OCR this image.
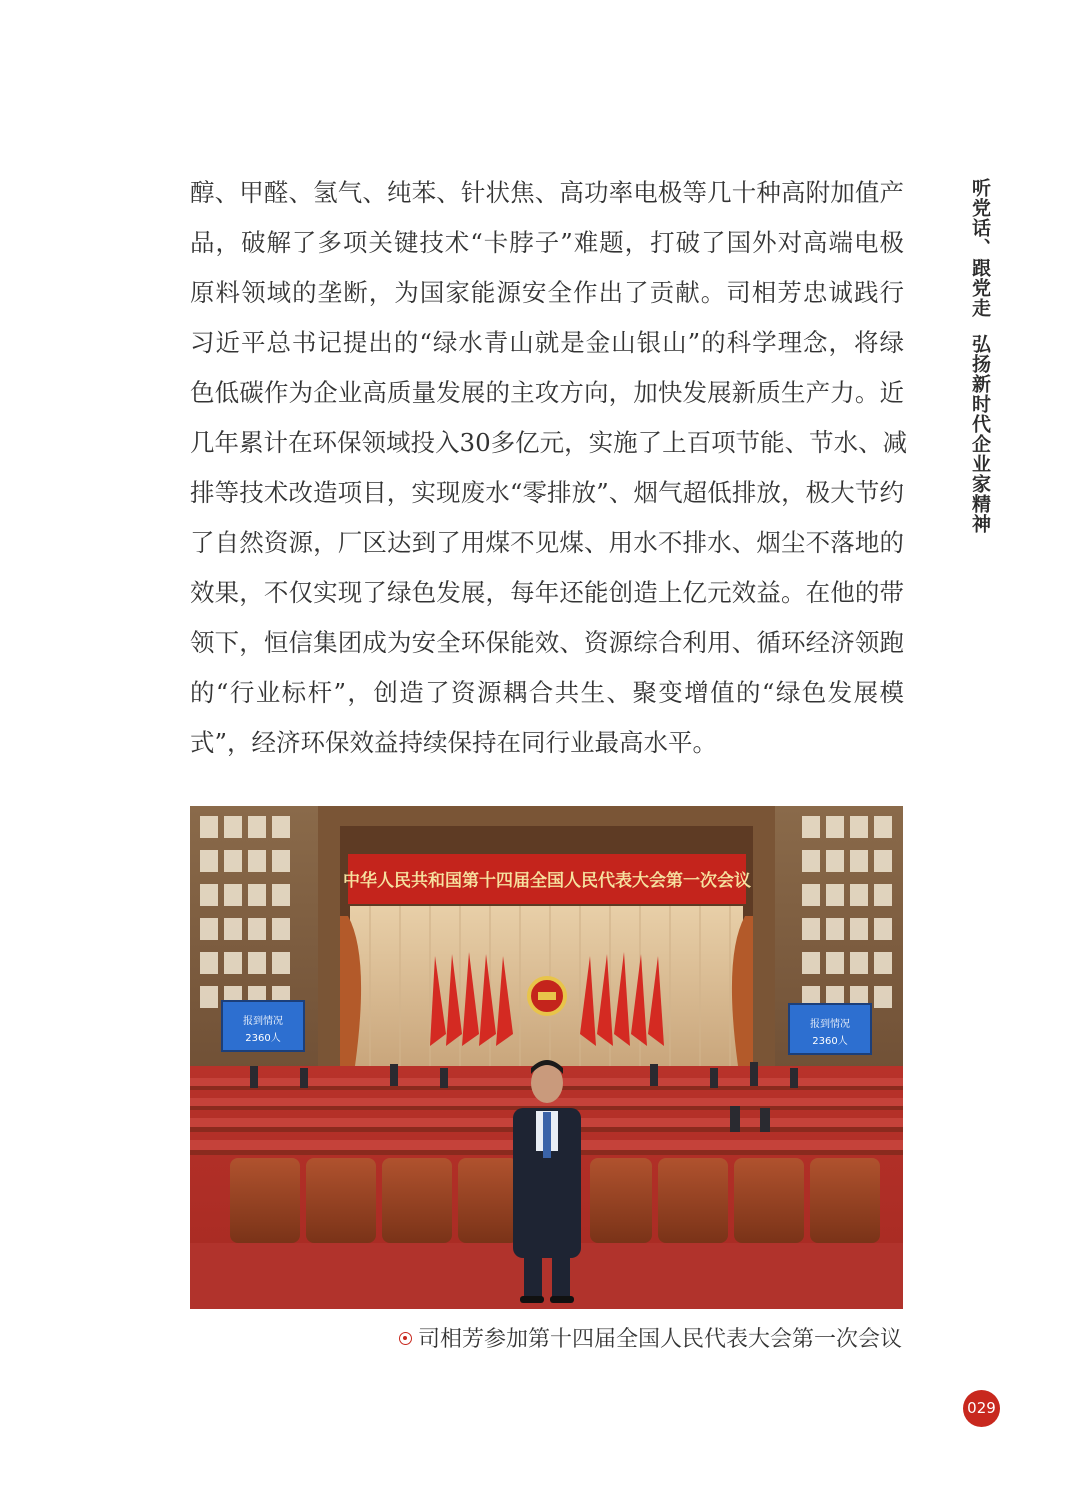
醇、甲醛、氢气、纯苯、针状焦、高功率电极等几十种高附加值产
品，破解了多项关键技术“卡脖子”难题，打破了国外对高端电极
原料领域的垄断，为国家能源安全作出了贡献。司相芳忠诚践行
习近平总书记提出的“绿水青山就是金山银山”的科学理念，将绿
色低碳作为企业高质量发展的主攻方向，加快发展新质生产力。近
几年累计在环保领域投入30多亿元，实施了上百项节能、节水、减
排等技术改造项目，实现废水“零排放”、烟气超低排放，极大节约
了自然资源，厂区达到了用煤不见煤、用水不排水、烟尘不落地的
效果，不仅实现了绿色发展，每年还能创造上亿元效益。在他的带
领下，恒信集团成为安全环保能效、资源综合利用、循环经济领跑
的“行业标杆”，创造了资源耦合共生、聚变增值的“绿色发展模
式”，经济环保效益持续保持在同行业最高水平。
听党话、跟党走弘扬新时代企业家精神
中华人民共和国第十四届全国人民代表大会第一次会议
报到情况
2360人
报到情况
2360人
司相芳参加第十四届全国人民代表大会第一次会议
029
